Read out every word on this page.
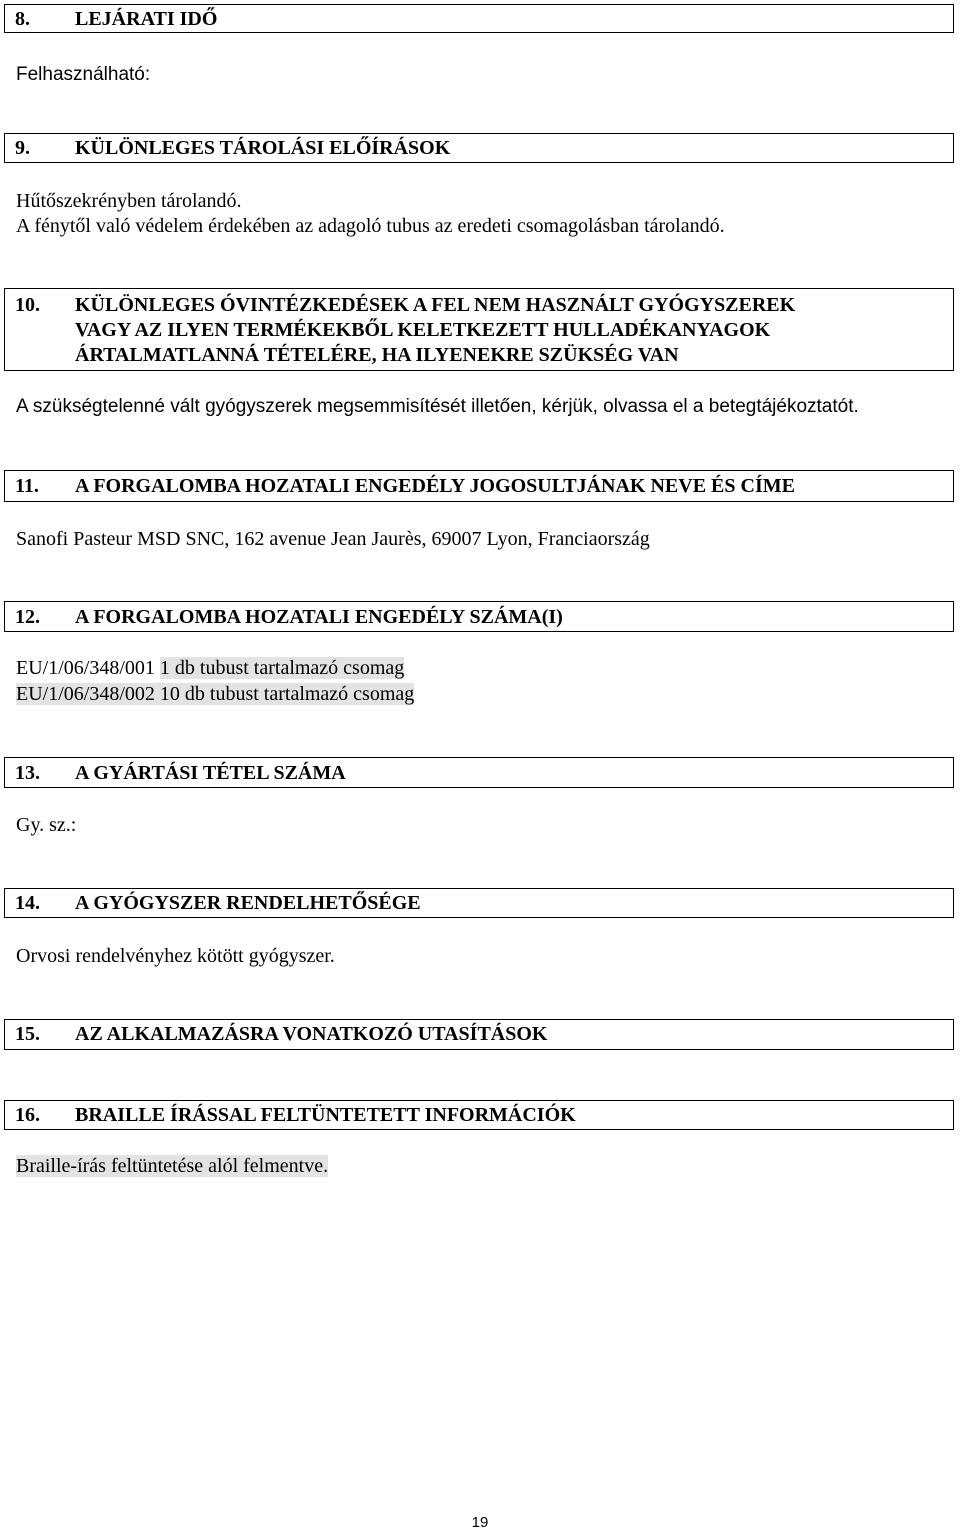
8. LEJÁRATI IDŐ
Felhasználható:
9. KÜLÖNLEGES TÁROLÁSI ELŐÍRÁSOK
Hűtőszekrényben tárolandó.
A fénytől való védelem érdekében az adagoló tubus az eredeti csomagolásban tárolandó.
10. KÜLÖNLEGES ÓVINTÉZKEDÉSEK A FEL NEM HASZNÁLT GYÓGYSZEREK
VAGY AZ ILYEN TERMÉKEKBŐL KELETKEZETT HULLADÉKANYAGOK
ÁRTALMATLANNÁ TÉTELÉRE, HA ILYENEKRE SZÜKSÉG VAN
A szükségtelenné vált gyógyszerek megsemmisítését illetően, kérjük, olvassa el a betegtájékoztatót.
11. A FORGALOMBA HOZATALI ENGEDÉLY JOGOSULTJÁNAK NEVE ÉS CÍME
Sanofi Pasteur MSD SNC, 162 avenue Jean Jaurès, 69007 Lyon, Franciaország
12. A FORGALOMBA HOZATALI ENGEDÉLY SZÁMA(I)
EU/1/06/348/001 1 db tubust tartalmazó csomag
EU/1/06/348/002 10 db tubust tartalmazó csomag
13. A GYÁRTÁSI TÉTEL SZÁMA
Gy. sz.:
14. A GYÓGYSZER RENDELHETŐSÉGE
Orvosi rendelvényhez kötött gyógyszer.
15. AZ ALKALMAZÁSRA VONATKOZÓ UTASÍTÁSOK
16. BRAILLE ÍRÁSSAL FELTÜNTETETT INFORMÁCIÓK
Braille-írás feltüntetése alól felmentve.
19
